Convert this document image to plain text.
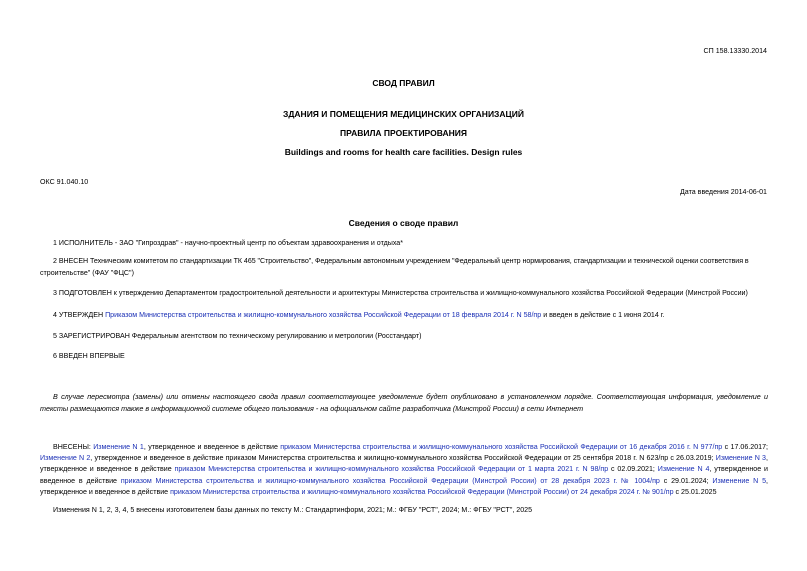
СП 158.13330.2014

СВОД ПРАВИЛ

ЗДАНИЯ И ПОМЕЩЕНИЯ МЕДИЦИНСКИХ ОРГАНИЗАЦИЙ

ПРАВИЛА ПРОЕКТИРОВАНИЯ

Buildings and rooms for health care facilities. Design rules

ОКС 91.040.10

Дата введения 2014-06-01

Сведения о своде правил

1 ИСПОЛНИТЕЛЬ - ЗАО "Гипроздрав" - научно-проектный центр по объектам здравоохранения и отдыха*

2 ВНЕСЕН Техническим комитетом по стандартизации ТК 465 "Строительство", Федеральным автономным учреждением "Федеральный центр нормирования, стандартизации и технической оценки соответствия в
строительстве" (ФАУ "ФЦС")

3 ПОДГОТОВЛЕН к утверждению Департаментом градостроительной деятельности и архитектуры Министерства строительства и жилищно-коммунального хозяйства Российской Федерации (Минстрой России)

4 УТВЕРЖДЕН Приказом Министерства строительства и жилищно-коммунального хозяйства Российской Федерации от 18 февраля 2014 г. N 58/пр и введен в действие с 1 июня 2014 г.

5 ЗАРЕГИСТРИРОВАН Федеральным агентством по техническому регулированию и метрологии (Росстандарт)

6 ВВЕДЕН ВПЕРВЫЕ

В случае пересмотра (замены) или отмены настоящего свода правил соответствующее уведомление будет опубликовано в установленном порядке. Соответствующая информация, уведомление и тексты размещаются также в информационной системе общего пользования - на официальном сайте разработчика (Минстрой России) в сети Интернет
ВНЕСЕНЫ: Изменение N 1, утвержденное и введенное в действие приказом Министерства строительства и жилищно-коммунального хозяйства Российской Федерации от 16 декабря 2016 г. N 977/пр с 17.06.2017; Изменение N 2, утвержденное и введенное в действие приказом Министерства строительства и жилищно-коммунального хозяйства Российской Федерации от 25 сентября 2018 г. N 623/пр с 26.03.2019; Изменение N 3, утвержденное и введенное в действие приказом Министерства строительства и жилищно-коммунального хозяйства Российской Федерации от 1 марта 2021 г. N 98/пр с 02.09.2021; Изменение N 4, утвержденное и введенное в действие приказом Министерства строительства и жилищно-коммунального хозяйства Российской Федерации (Минстрой России) от 28 декабря 2023 г. № 1004/пр с 29.01.2024; Изменение N 5, утвержденное и введенное в действие приказом Министерства строительства и жилищно-коммунального хозяйства Российской Федерации (Минстрой России) от 24 декабря 2024 г. № 901/пр с 25.01.2025

Изменения N 1, 2, 3, 4, 5 внесены изготовителем базы данных по тексту М.: Стандартинформ, 2021; М.: ФГБУ "РСТ", 2024; М.: ФГБУ "РСТ", 2025
